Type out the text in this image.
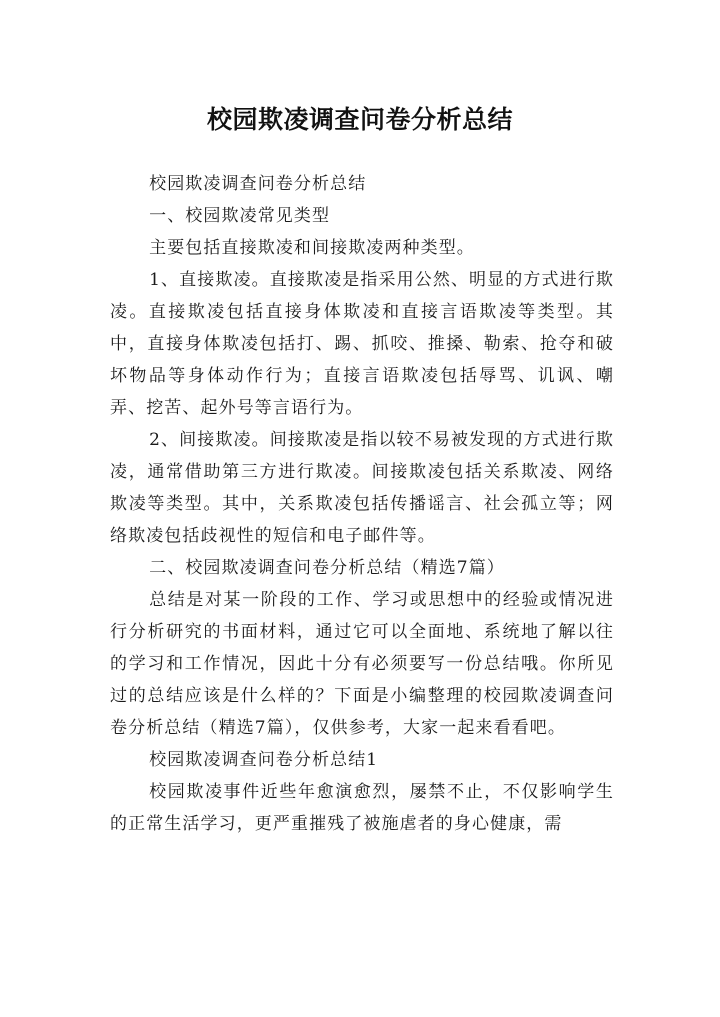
校园欺凌调查问卷分析总结

校园欺凌调查问卷分析总结

一、校园欺凌常见类型

主要包括直接欺凌和间接欺凌两种类型。

1、直接欺凌。直接欺凌是指采用公然、明显的方式进行欺凌。直接欺凌包括直接身体欺凌和直接言语欺凌等类型。其中，直接身体欺凌包括打、踢、抓咬、推搡、勒索、抢夺和破坏物品等身体动作行为；直接言语欺凌包括辱骂、讥讽、嘲弄、挖苦、起外号等言语行为。

2、间接欺凌。间接欺凌是指以较不易被发现的方式进行欺凌，通常借助第三方进行欺凌。间接欺凌包括关系欺凌、网络欺凌等类型。其中，关系欺凌包括传播谣言、社会孤立等；网络欺凌包括歧视性的短信和电子邮件等。

二、校园欺凌调查问卷分析总结（精选7篇）

总结是对某一阶段的工作、学习或思想中的经验或情况进行分析研究的书面材料，通过它可以全面地、系统地了解以往的学习和工作情况，因此十分有必须要写一份总结哦。你所见过的总结应该是什么样的？下面是小编整理的校园欺凌调查问卷分析总结（精选7篇），仅供参考，大家一起来看看吧。

校园欺凌调查问卷分析总结1

校园欺凌事件近些年愈演愈烈，屡禁不止，不仅影响学生的正常生活学习，更严重摧残了被施虐者的身心健康，需
